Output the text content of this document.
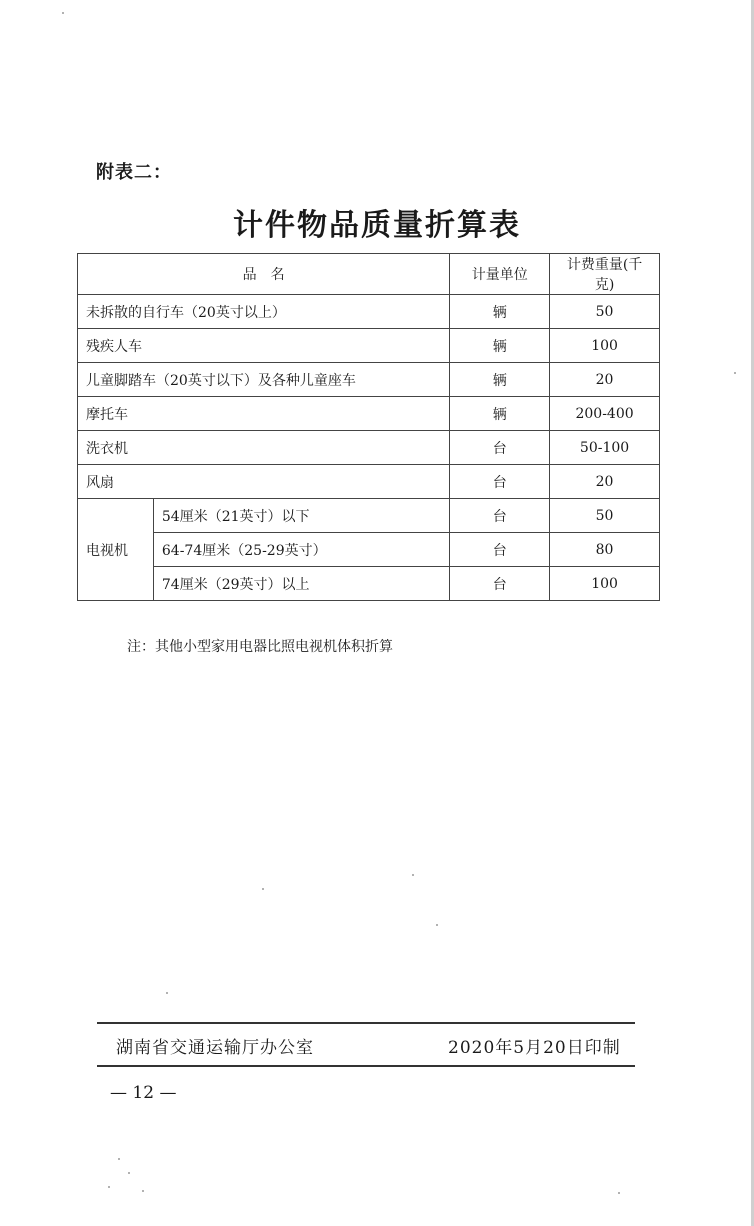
附表二：
计件物品质量折算表
品　名		计量单位	计费重量(千克)
未拆散的自行车（20英寸以上）		辆	50
残疾人车		辆	100
儿童脚踏车（20英寸以下）及各种儿童座车		辆	20
摩托车		辆	200-400
洗衣机		台	50-100
风扇		台	20
电视机	54厘米（21英寸）以下	台	50
	64-74厘米（25-29英寸）	台	80
	74厘米（29英寸）以上	台	100
注：其他小型家用电器比照电视机体积折算
湖南省交通运输厅办公室	2020年5月20日印制
— 12 —
